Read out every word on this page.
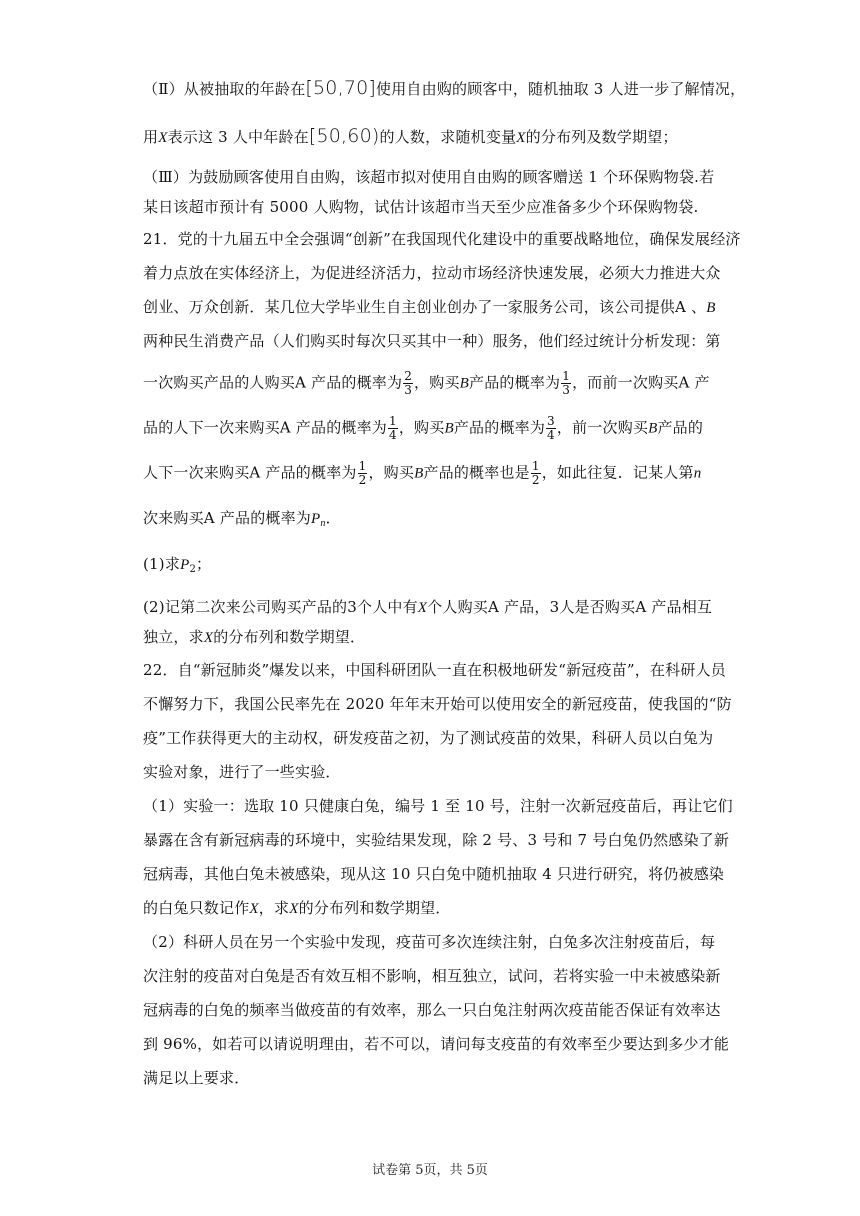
（Ⅱ）从被抽取的年龄在[50,70]使用自由购的顾客中，随机抽取 3 人进一步了解情况，
用X表示这 3 人中年龄在[50,60)的人数，求随机变量X的分布列及数学期望；
（Ⅲ）为鼓励顾客使用自由购，该超市拟对使用自由购的顾客赠送 1 个环保购物袋.若
某日该超市预计有 5000 人购物，试估计该超市当天至少应准备多少个环保购物袋.
21．党的十九届五中全会强调“创新”在我国现代化建设中的重要战略地位，确保发展经济
着力点放在实体经济上，为促进经济活力，拉动市场经济快速发展，必须大力推进大众
创业、万众创新．某几位大学毕业生自主创业创办了一家服务公司，该公司提供A 、B
两种民生消费产品（人们购买时每次只买其中一种）服务，他们经过统计分析发现：第
一次购买产品的人购买A 产品的概率为 $\frac{2}{3}$ ，购买B产品的概率为 $\frac{1}{3}$ ，而前一次购买A 产
品的人下一次来购买A 产品的概率为 $\frac{1}{4}$ ，购买B产品的概率为 $\frac{3}{4}$ ，前一次购买B产品的
人下一次来购买A 产品的概率为 $\frac{1}{2}$ ，购买B产品的概率也是 $\frac{1}{2}$ ，如此往复．记某人第n
次来购买A 产品的概率为$P_n$．
(1)求$P_2$；
(2)记第二次来公司购买产品的3个人中有X个人购买A 产品，3人是否购买A 产品相互
独立，求X的分布列和数学期望．
22．自“新冠肺炎”爆发以来，中国科研团队一直在积极地研发“新冠疫苗”，在科研人员
不懈努力下，我国公民率先在 2020 年年末开始可以使用安全的新冠疫苗，使我国的“防
疫”工作获得更大的主动权，研发疫苗之初，为了测试疫苗的效果，科研人员以白兔为
实验对象，进行了一些实验．
（1）实验一：选取 10 只健康白兔，编号 1 至 10 号，注射一次新冠疫苗后，再让它们
暴露在含有新冠病毒的环境中，实验结果发现，除 2 号、3 号和 7 号白兔仍然感染了新
冠病毒，其他白兔未被感染，现从这 10 只白兔中随机抽取 4 只进行研究，将仍被感染
的白兔只数记作X，求X的分布列和数学期望．
（2）科研人员在另一个实验中发现，疫苗可多次连续注射，白兔多次注射疫苗后，每
次注射的疫苗对白兔是否有效互相不影响，相互独立，试问，若将实验一中未被感染新
冠病毒的白兔的频率当做疫苗的有效率，那么一只白兔注射两次疫苗能否保证有效率达
到 96%，如若可以请说明理由，若不可以，请问每支疫苗的有效率至少要达到多少才能
满足以上要求．
试卷第 5页，共 5页
